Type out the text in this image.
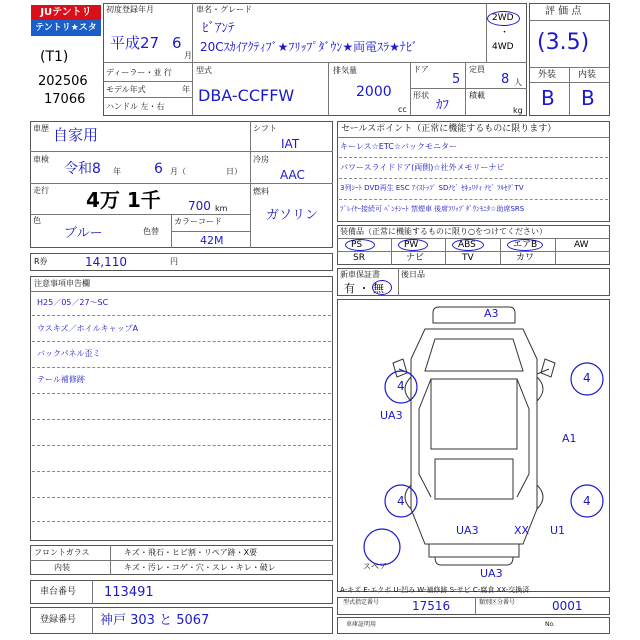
JUテントリ
テントリ★スター
(T1)
202506
17066
初度登録年月
平成27 6
月
ディーラー・並 行
モデル年式	年
ハンドル 左・右
車名・グレード
ﾋﾞｱﾝﾃ
20Cｽｶｲｱｸﾃｨﾌﾞ★ﾌﾘｯﾌﾟﾀﾞｳﾝ★両電ｽﾗ★ﾅﾋﾞ
2WD
・
4WD
型式
DBA-CCFFW
排気量
2000
cc
ドア
5
定員
8 人
形状
ｶﾌ
積載
kg
評 価 点
(3.5)
外装 内装
B B
車歴 自家用
車検
令和8 年 6 月（	日）
走行 4万 1千 700 km
色
ブルー	色替
カラーコード
42M
シフト
IAT
冷房
AAC
燃料
ガソリン
R券	14,110	円
セールスポイント（正常に機能するものに限ります）
キーレス☆ETC☆バックモニター
パワースライドドア(両側)☆社外メモリーナビ
3列ｼｰﾄ DVD再生 ESC ｱｲｽﾄｯﾌﾟ SDﾅﾋﾞ ｾｷｭﾘﾃｨ ﾅﾋﾞ ﾌﾙｾｸﾞTV
ﾌﾞﾚｲﾔｰ接続可 ﾍﾞﾝﾁｼｰﾄ 禁煙車 後席ﾌﾘｯﾌﾟﾀﾞｳﾝﾓﾆﾀ☆助席SRS
装備品（正常に機能するものに限り○をつけてください）
PS	PW	ABS	エアB	AW
SR	ナビ	TV	カワ
新車保証書
有 ・ 無
後日品
注意事項申告欄
H25／05／27～SC
ウスキズ／ホイルキャップA
バックパネル歪ミ
テール補修跡
A3
4
4
4	4
UA3
A1
UA3	XX U1
UA3
スペア
A-キズ E-エクボ U-凹み W-補修跡 S-サビ C-腐食 XX-交換済
フロントガラス	キズ・飛石・ヒビ割・リペア跡・X要
内装	キズ・汚レ・コゲ・穴・スレ・キレ・破レ
車台番号 113491
登録番号 神戸 303 と 5067
型式指定番号	17516	類別区分番号	0001
車庫証明用	No.
